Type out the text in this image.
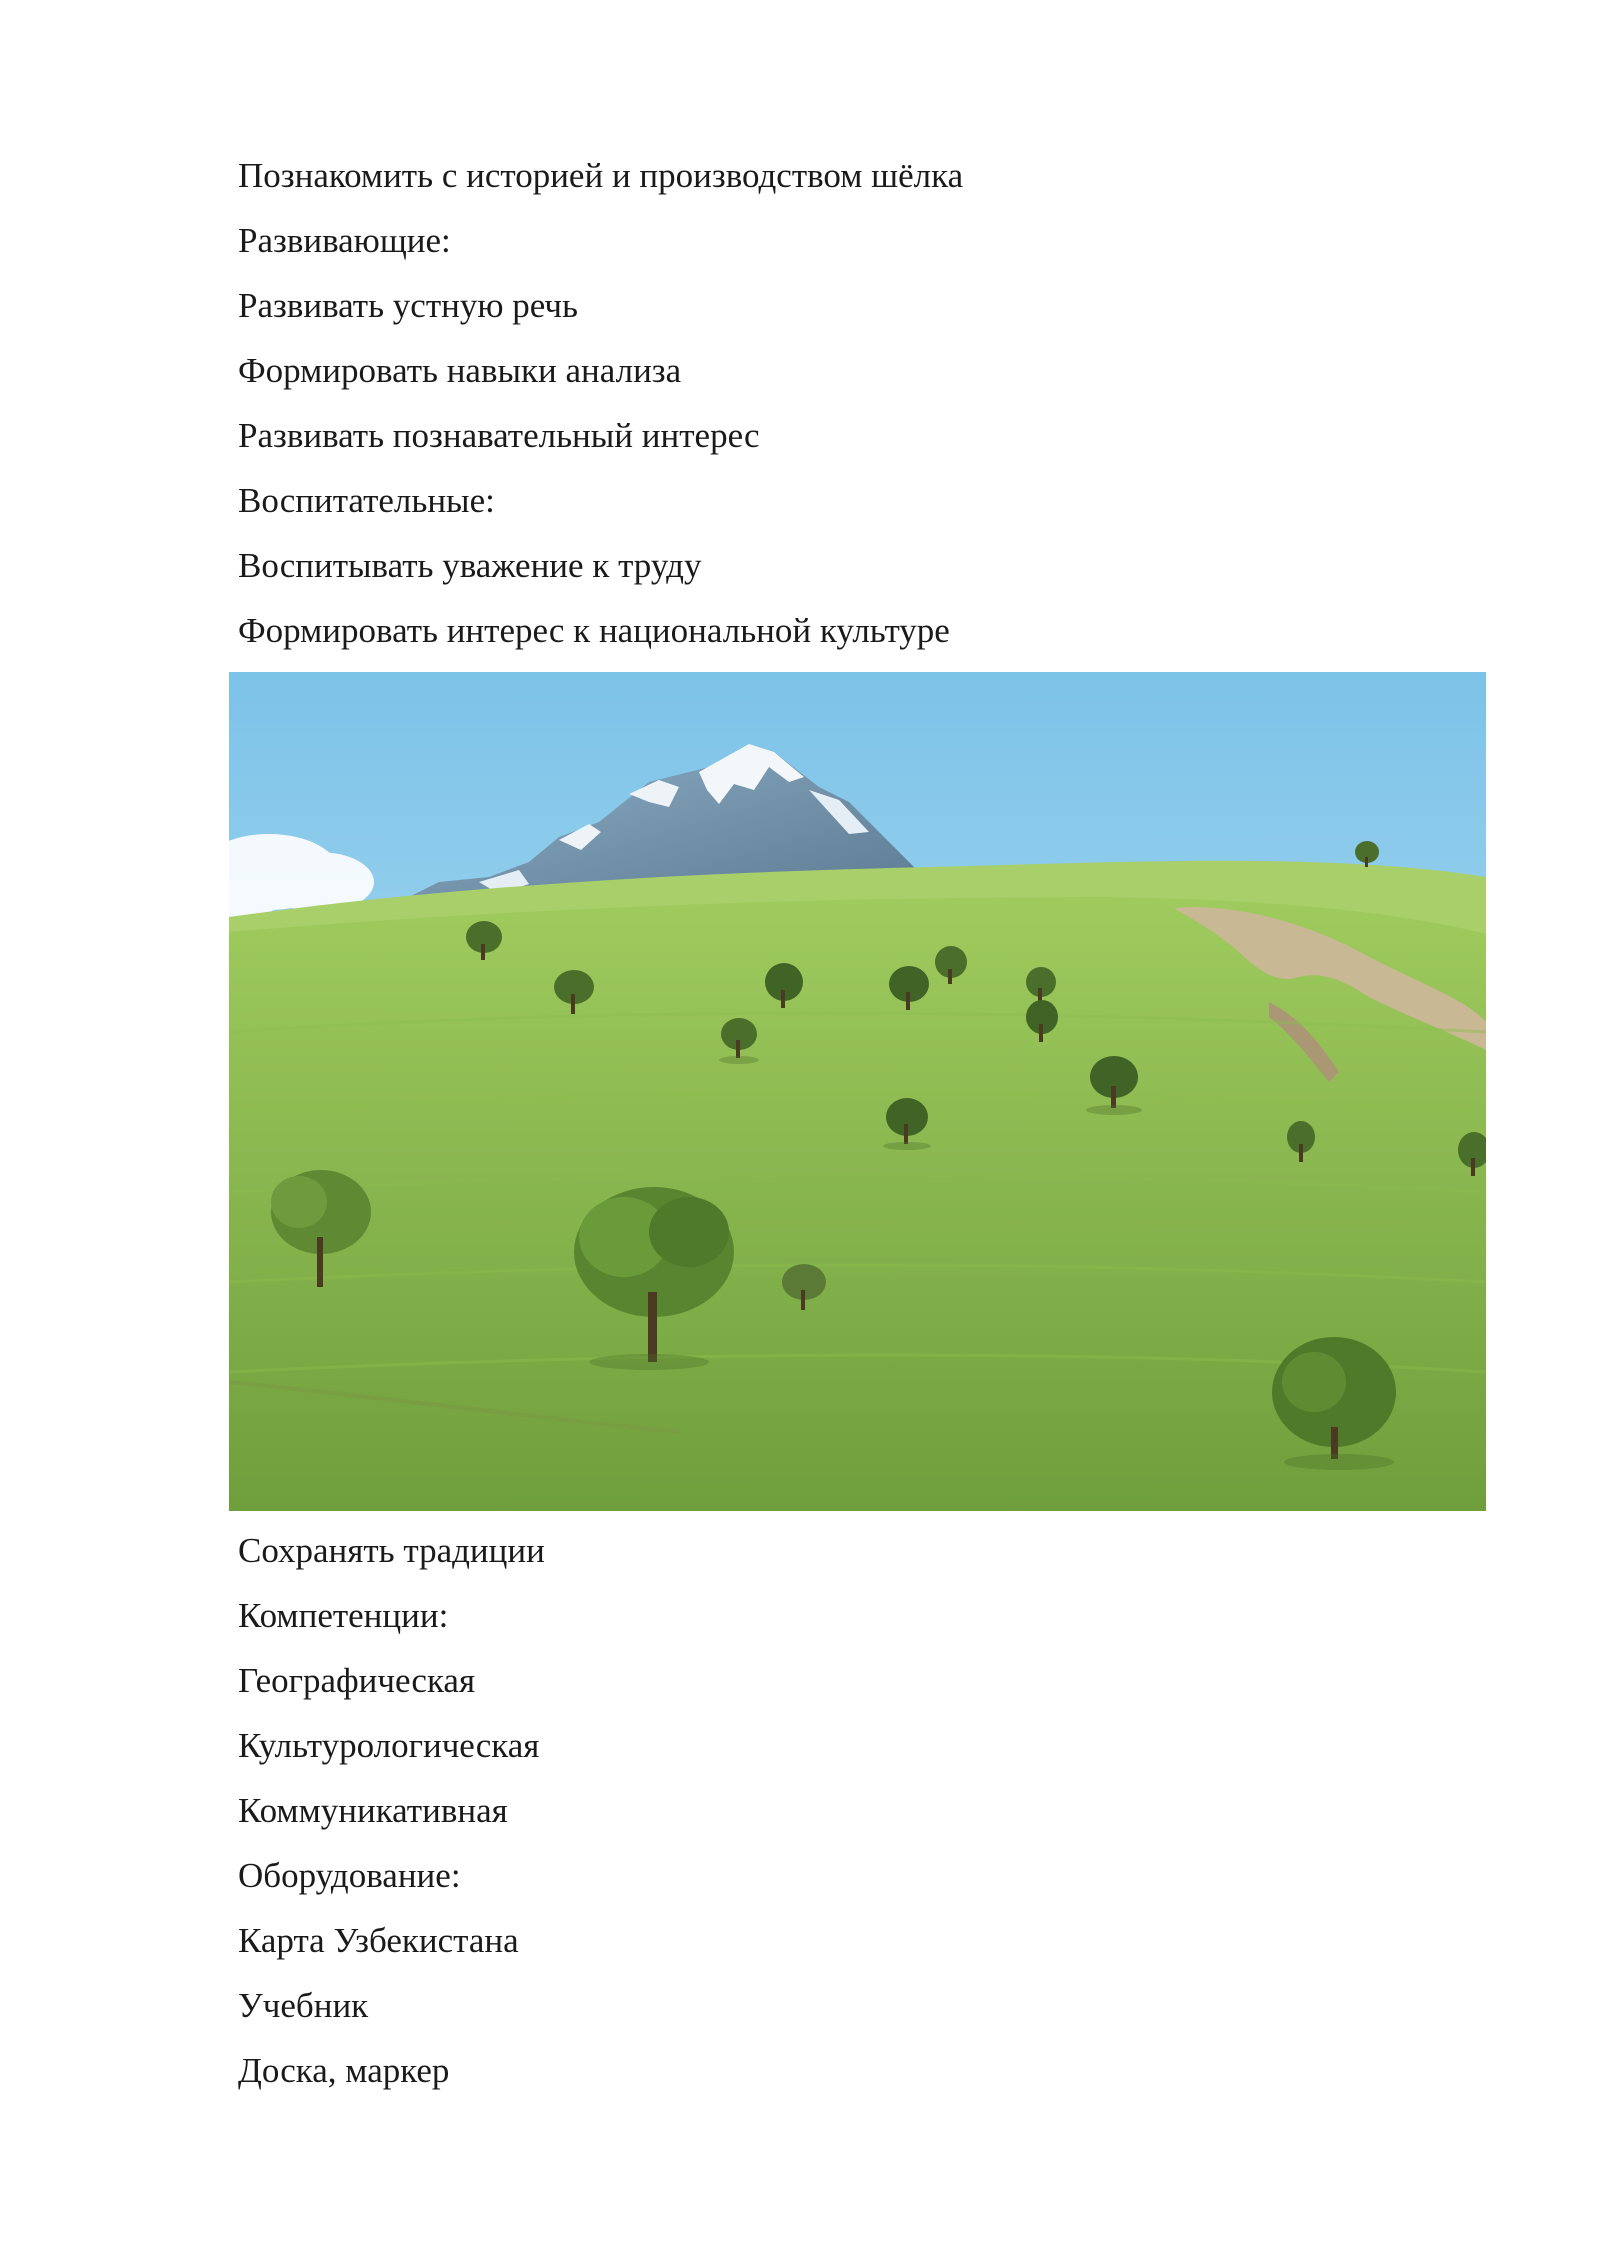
Познакомить с историей и производством шёлка
Развивающие:
Развивать устную речь
Формировать навыки анализа
Развивать познавательный интерес
Воспитательные:
Воспитывать уважение к труду
Формировать интерес к национальной культуре
Сохранять традиции
Компетенции:
Географическая
Культурологическая
Коммуникативная
Оборудование:
Карта Узбекистана
Учебник
Доска, маркер
